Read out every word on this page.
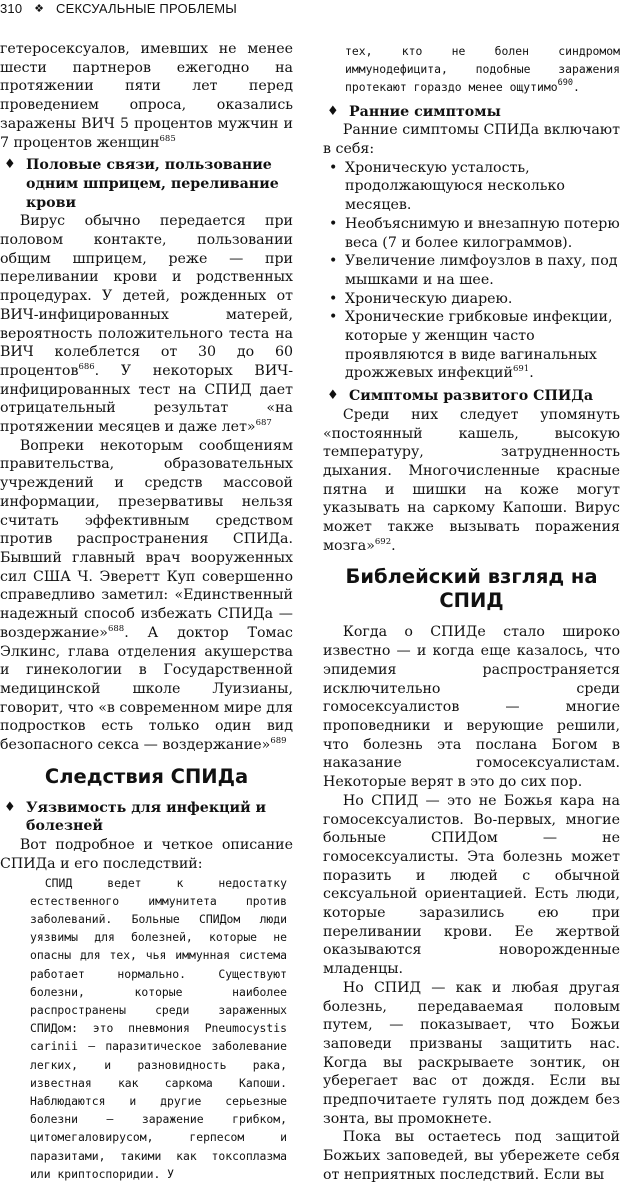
310 ❖ СЕКСУАЛЬНЫЕ ПРОБЛЕМЫ

гетеросексуалов, имевших не менее шести партнеров ежегодно на протяжении пяти лет перед проведением опроса, оказались заражены ВИЧ 5 процентов мужчин и 7 процентов женщин$^{685}$

♦ Половые связи, пользование одним шприцем, переливание крови

Вирус обычно передается при половом контакте, пользовании общим шприцем, реже — при переливании крови и родственных процедурах. У детей, рожденных от ВИЧ-инфицированных матерей, вероятность положительного теста на ВИЧ колеблется от 30 до 60 процентов$^{686}$. У некоторых ВИЧ-инфицированных тест на СПИД дает отрицательный результат «на протяжении месяцев и даже лет»$^{687}$

Вопреки некоторым сообщениям правительства, образовательных учреждений и средств массовой информации, презервативы нельзя считать эффективным средством против распространения СПИДа. Бывший главный врач вооруженных сил США Ч. Эверетт Куп совершенно справедливо заметил: «Единственный надежный способ избежать СПИДа — воздержание»$^{688}$. А доктор Томас Элкинс, глава отделения акушерства и гинекологии в Государственной медицинской школе Луизианы, говорит, что «в современном мире для подростков есть только один вид безопасного секса — воздержание»$^{689}$

Следствия СПИДа
♦ Уязвимость для инфекций и болезней

Вот подробное и четкое описание СПИДа и его последствий:

СПИД ведет к недостатку естественного иммунитета против заболеваний. Больные СПИДом люди уязвимы для болезней, которые не опасны для тех, чья иммунная система работает нормально. Существуют болезни, которые наиболее распространены среди зараженных СПИДом: это пневмония Pneumocystis carinii — паразитическое заболевание легких, и разновидность рака, известная как саркома Капоши. Наблюдаются и другие серьезные болезни — заражение грибком, цитомегаловирусом, герпесом и паразитами, такими как токсоплазма или криптоспоридии. У

тех, кто не болен синдромом иммунодефицита, подобные заражения протекают гораздо менее ощутимо$^{690}$.

♦ Ранние симптомы

Ранние симптомы СПИДа включают в себя:

• Хроническую усталость, продолжающуюся несколько месяцев.
• Необъяснимую и внезапную потерю веса (7 и более килограммов).
• Увеличение лимфоузлов в паху, под мышками и на шее.
• Хроническую диарею.
• Хронические грибковые инфекции, которые у женщин часто проявляются в виде вагинальных дрожжевых инфекций$^{691}$.
♦ Симптомы развитого СПИДа

Среди них следует упомянуть «постоянный кашель, высокую температуру, затрудненность дыхания. Многочисленные красные пятна и шишки на коже могут указывать на саркому Капоши. Вирус может также вызывать поражения мозга»$^{692}$.

Библейский взгляд на СПИД

Когда о СПИДе стало широко известно — и когда еще казалось, что эпидемия распространяется исключительно среди гомосексуалистов — многие проповедники и верующие решили, что болезнь эта послана Богом в наказание гомосексуалистам. Некоторые верят в это до сих пор.

Но СПИД — это не Божья кара на гомосексуалистов. Во-первых, многие больные СПИДом — не гомосексуалисты. Эта болезнь может поразить и людей с обычной сексуальной ориентацией. Есть люди, которые заразились ею при переливании крови. Ее жертвой оказываются новорожденные младенцы.

Но СПИД — как и любая другая болезнь, передаваемая половым путем, — показывает, что Божьи заповеди призваны защитить нас. Когда вы раскрываете зонтик, он уберегает вас от дождя. Если вы предпочитаете гулять под дождем без зонта, вы промокнете.

Пока вы остаетесь под защитой Божьих заповедей, вы убережете себя от неприятных последствий. Если вы
